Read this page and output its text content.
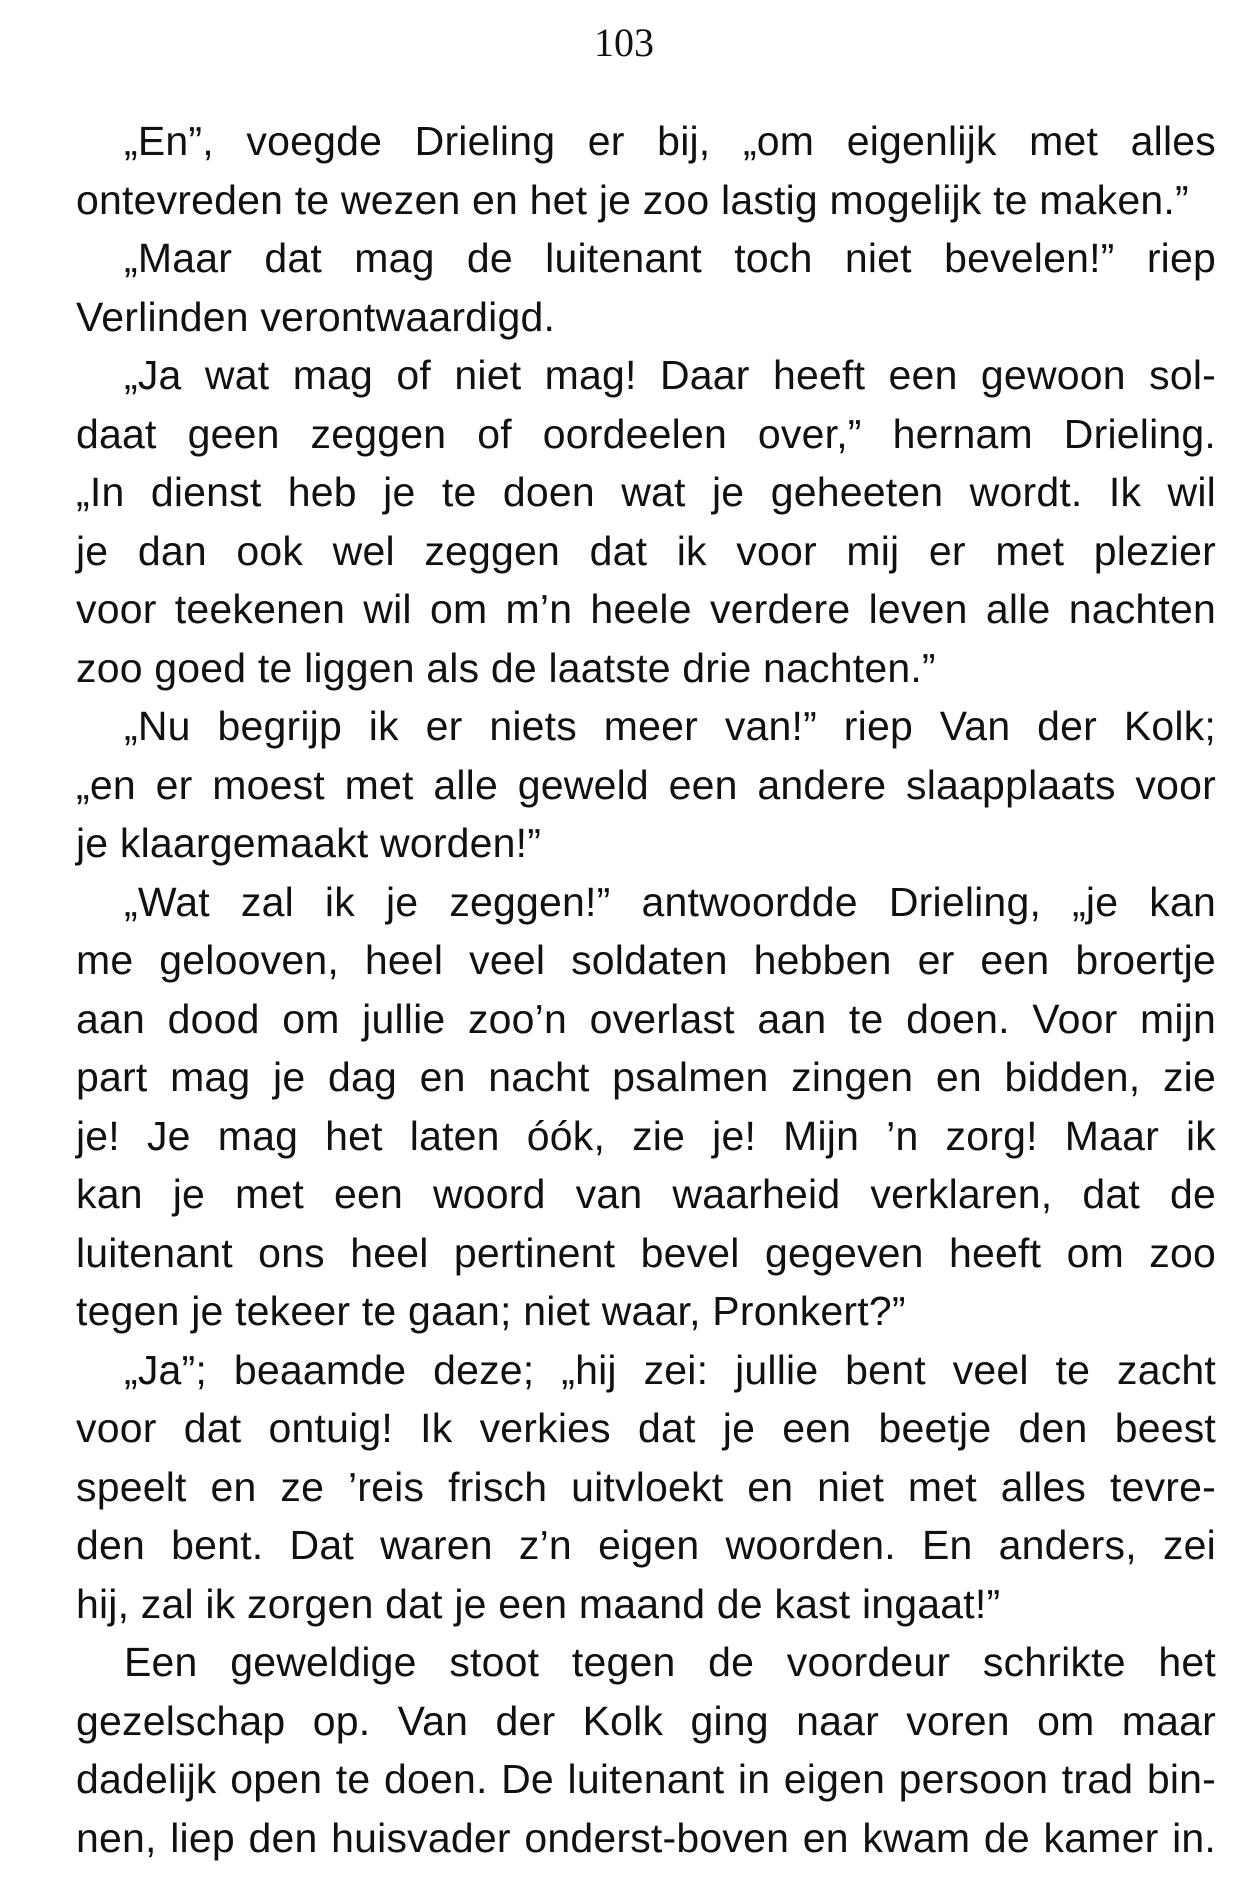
103
„En”, voegde Drieling er bij, „om eigenlijk met alles
ontevreden te wezen en het je zoo lastig mogelijk te maken.”
„Maar dat mag de luitenant toch niet bevelen!” riep
Verlinden verontwaardigd.
„Ja wat mag of niet mag! Daar heeft een gewoon sol-
daat geen zeggen of oordeelen over,” hernam Drieling.
„In dienst heb je te doen wat je geheeten wordt. Ik wil
je dan ook wel zeggen dat ik voor mij er met plezier
voor teekenen wil om m’n heele verdere leven alle nachten
zoo goed te liggen als de laatste drie nachten.”
„Nu begrijp ik er niets meer van!” riep Van der Kolk;
„en er moest met alle geweld een andere slaapplaats voor
je klaargemaakt worden!”
„Wat zal ik je zeggen!” antwoordde Drieling, „je kan
me gelooven, heel veel soldaten hebben er een broertje
aan dood om jullie zoo’n overlast aan te doen. Voor mijn
part mag je dag en nacht psalmen zingen en bidden, zie
je! Je mag het laten óók, zie je! Mijn ’n zorg! Maar ik
kan je met een woord van waarheid verklaren, dat de
luitenant ons heel pertinent bevel gegeven heeft om zoo
tegen je tekeer te gaan; niet waar, Pronkert?”
„Ja”; beaamde deze; „hij zei: jullie bent veel te zacht
voor dat ontuig! Ik verkies dat je een beetje den beest
speelt en ze ’reis frisch uitvloekt en niet met alles tevre-
den bent. Dat waren z’n eigen woorden. En anders, zei
hij, zal ik zorgen dat je een maand de kast ingaat!”
Een geweldige stoot tegen de voordeur schrikte het
gezelschap op. Van der Kolk ging naar voren om maar
dadelijk open te doen. De luitenant in eigen persoon trad bin-
nen, liep den huisvader onderst-boven en kwam de kamer in.
